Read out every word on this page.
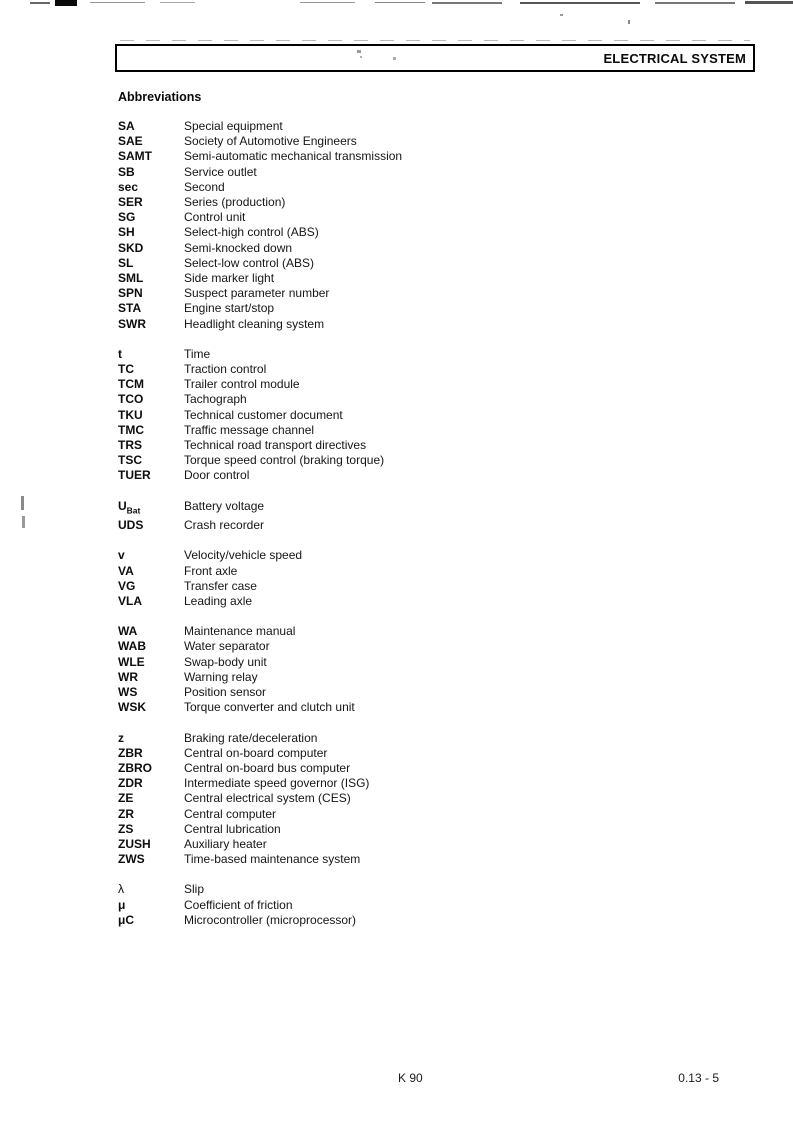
ELECTRICAL SYSTEM
Abbreviations
SA	Special equipment
SAE	Society of Automotive Engineers
SAMT	Semi-automatic mechanical transmission
SB	Service outlet
sec	Second
SER	Series (production)
SG	Control unit
SH	Select-high control (ABS)
SKD	Semi-knocked down
SL	Select-low control (ABS)
SML	Side marker light
SPN	Suspect parameter number
STA	Engine start/stop
SWR	Headlight cleaning system
t	Time
TC	Traction control
TCM	Trailer control module
TCO	Tachograph
TKU	Technical customer document
TMC	Traffic message channel
TRS	Technical road transport directives
TSC	Torque speed control (braking torque)
TUER	Door control
$U_{Bat}$	Battery voltage
UDS	Crash recorder
v	Velocity/vehicle speed
VA	Front axle
VG	Transfer case
VLA	Leading axle
WA	Maintenance manual
WAB	Water separator
WLE	Swap-body unit
WR	Warning relay
WS	Position sensor
WSK	Torque converter and clutch unit
z	Braking rate/deceleration
ZBR	Central on-board computer
ZBRO	Central on-board bus computer
ZDR	Intermediate speed governor (ISG)
ZE	Central electrical system (CES)
ZR	Central computer
ZS	Central lubrication
ZUSH	Auxiliary heater
ZWS	Time-based maintenance system
λ	Slip
μ	Coefficient of friction
μC	Microcontroller (microprocessor)
K 90	0.13 - 5
